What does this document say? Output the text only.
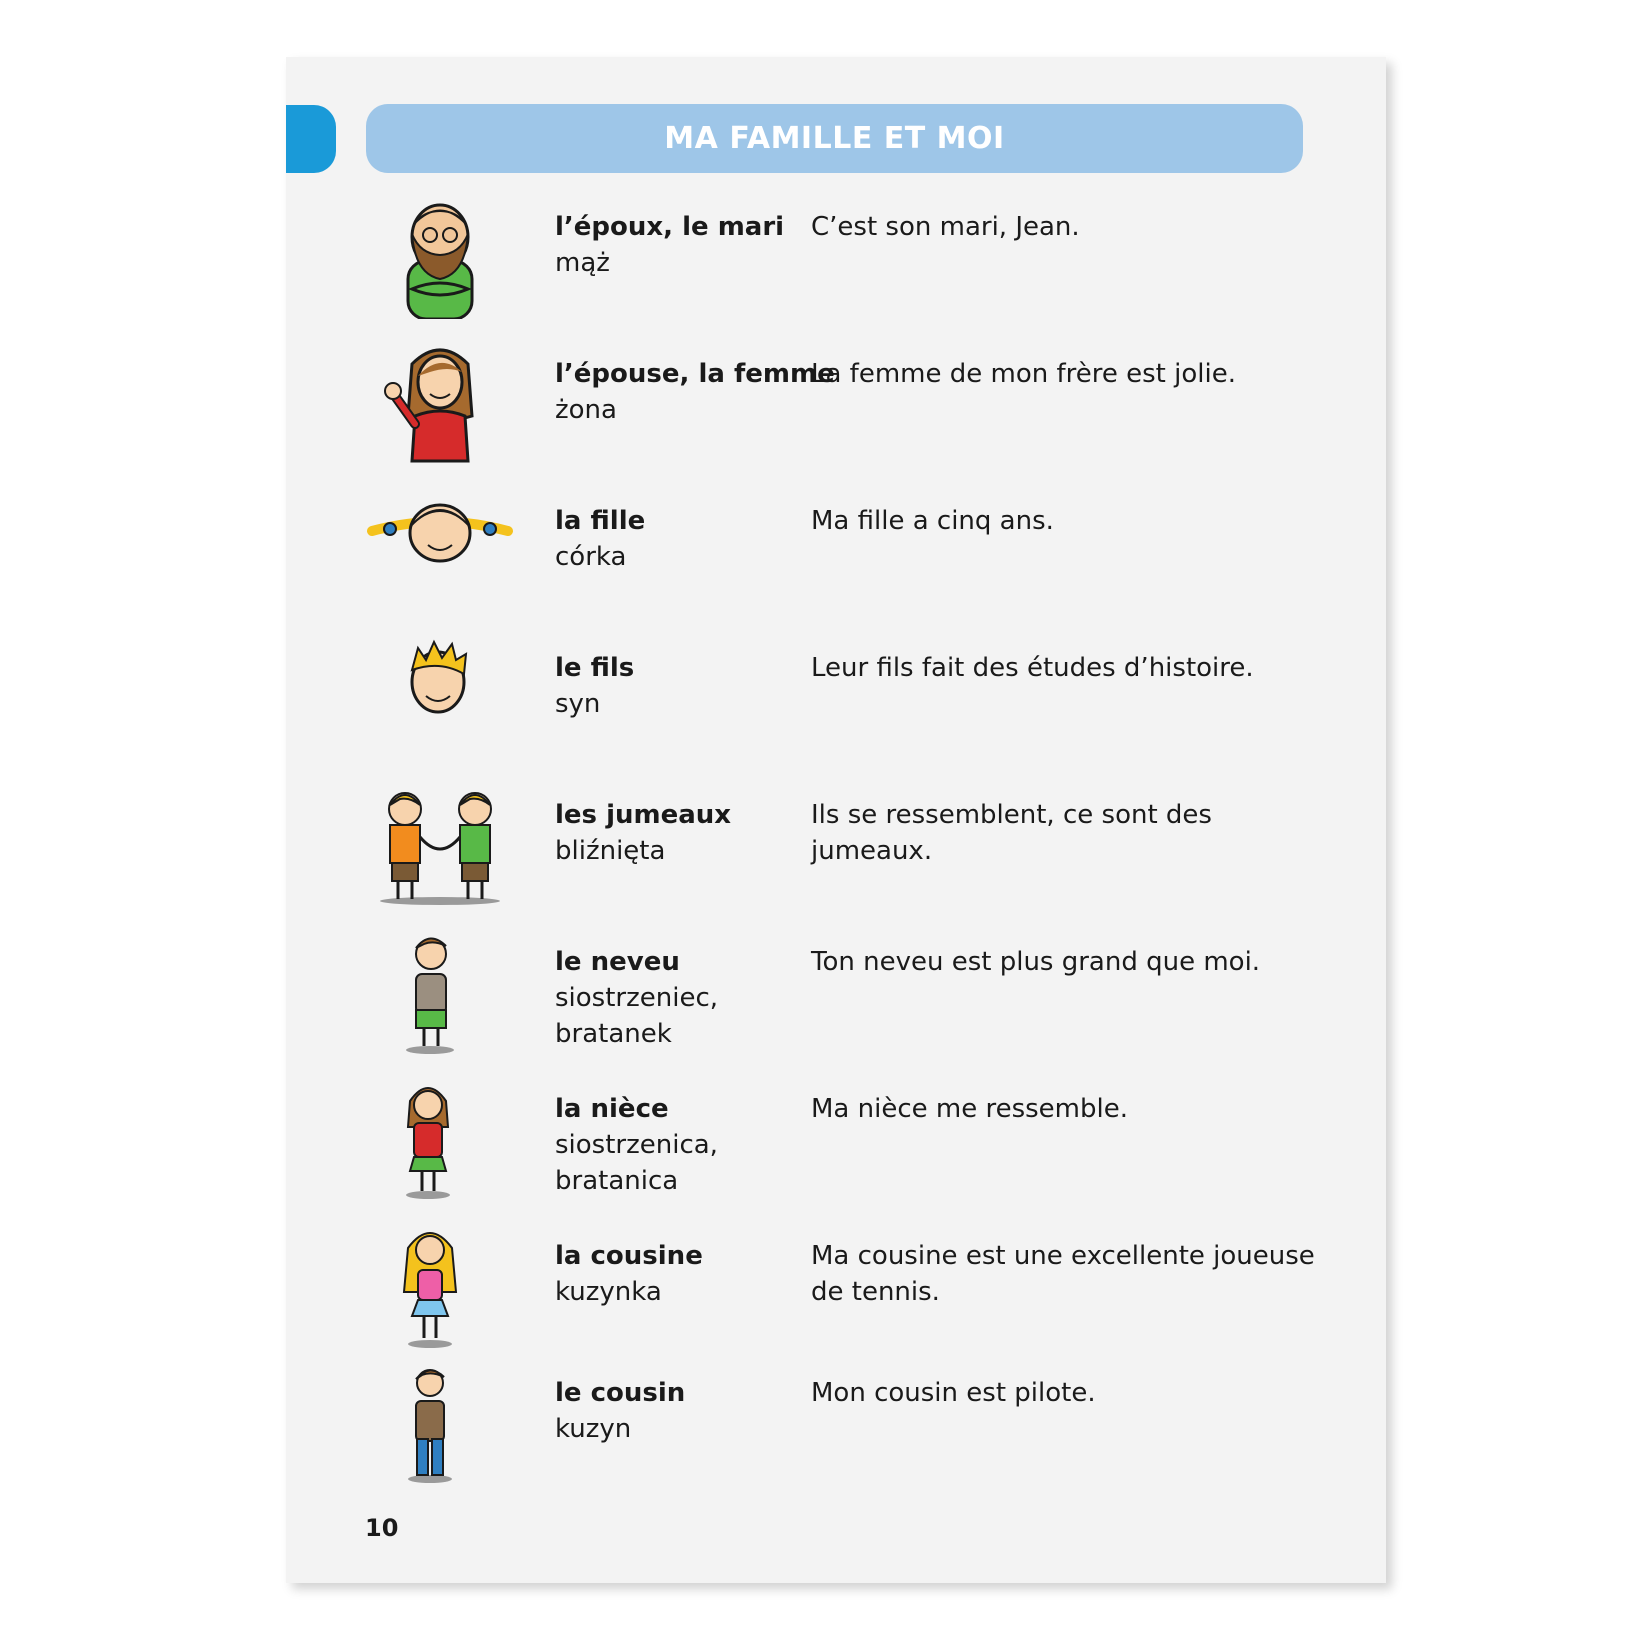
MA FAMILLE ET MOI
l’époux, le mari
mąż
C’est son mari, Jean.
l’épouse, la femme
żona
La femme de mon frère est jolie.
la fille
córka
Ma fille a cinq ans.
le fils
syn
Leur fils fait des études d’histoire.
les jumeaux
bliźnięta
Ils se ressemblent, ce sont des jumeaux.
le neveu
siostrzeniec,
bratanek
Ton neveu est plus grand que moi.
la nièce
siostrzenica,
bratanica
Ma nièce me ressemble.
la cousine
kuzynka
Ma cousine est une excellente joueuse de tennis.
le cousin
kuzyn
Mon cousin est pilote.
10
